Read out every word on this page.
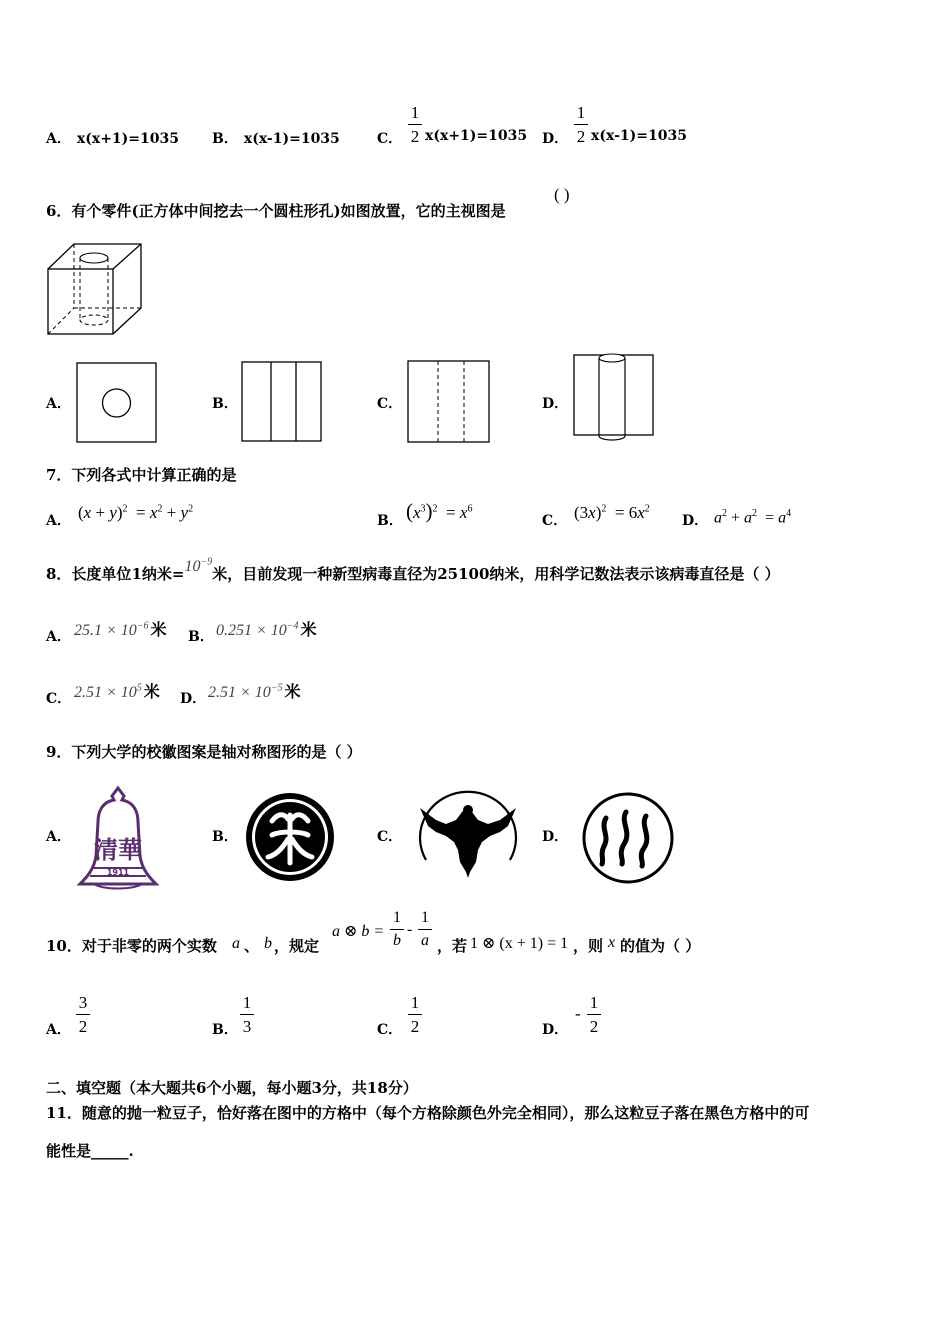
A． x(x+1)=1035 B． x(x-1)=1035	C．
1
2 x(x+1)=1035 D．
1
2 x(x-1)=1035
6．有个零件(正方体中间挖去一个圆柱形孔)如图放置，它的主视图是
( )
A．	B．	C．	D．
7．下列各式中计算正确的是
A． $(x + y)^2 = x^2 + y^2$
B． $(x^3)^2 = x^6$
C． $(3x)^2 = 6x^2$
D． $a^2 + a^2 = a^4$
8．长度单位1纳米$=10^{-9}$米，目前发现一种新型病毒直径为25100纳米，用科学记数法表示该病毒直径是（ ）
A． $25.1 \times 10^{-6}$ 米 B． $0.251 \times 10^{-4}$ 米
C． $2.51 \times 10^5$ 米 D． $2.51 \times 10^{-5}$ 米
9．下列大学的校徽图案是轴对称图形的是（ ）
A． 清華
1911
B．	C．	D．
10．对于非零的两个实数 a 、 b ，规定
a ⊗ b =
1
b
-
1
a ，若 1 ⊗ (x + 1) = 1 ，则 x 的值为（ ）
A．
3
2	B．
1
3	C．
1
2	D．
-
1
2
二、填空题（本大题共6个小题，每小题3分，共18分）
11．随意的抛一粒豆子，恰好落在图中的方格中（每个方格除颜色外完全相同），那么这粒豆子落在黑色方格中的可
能性是_____.
